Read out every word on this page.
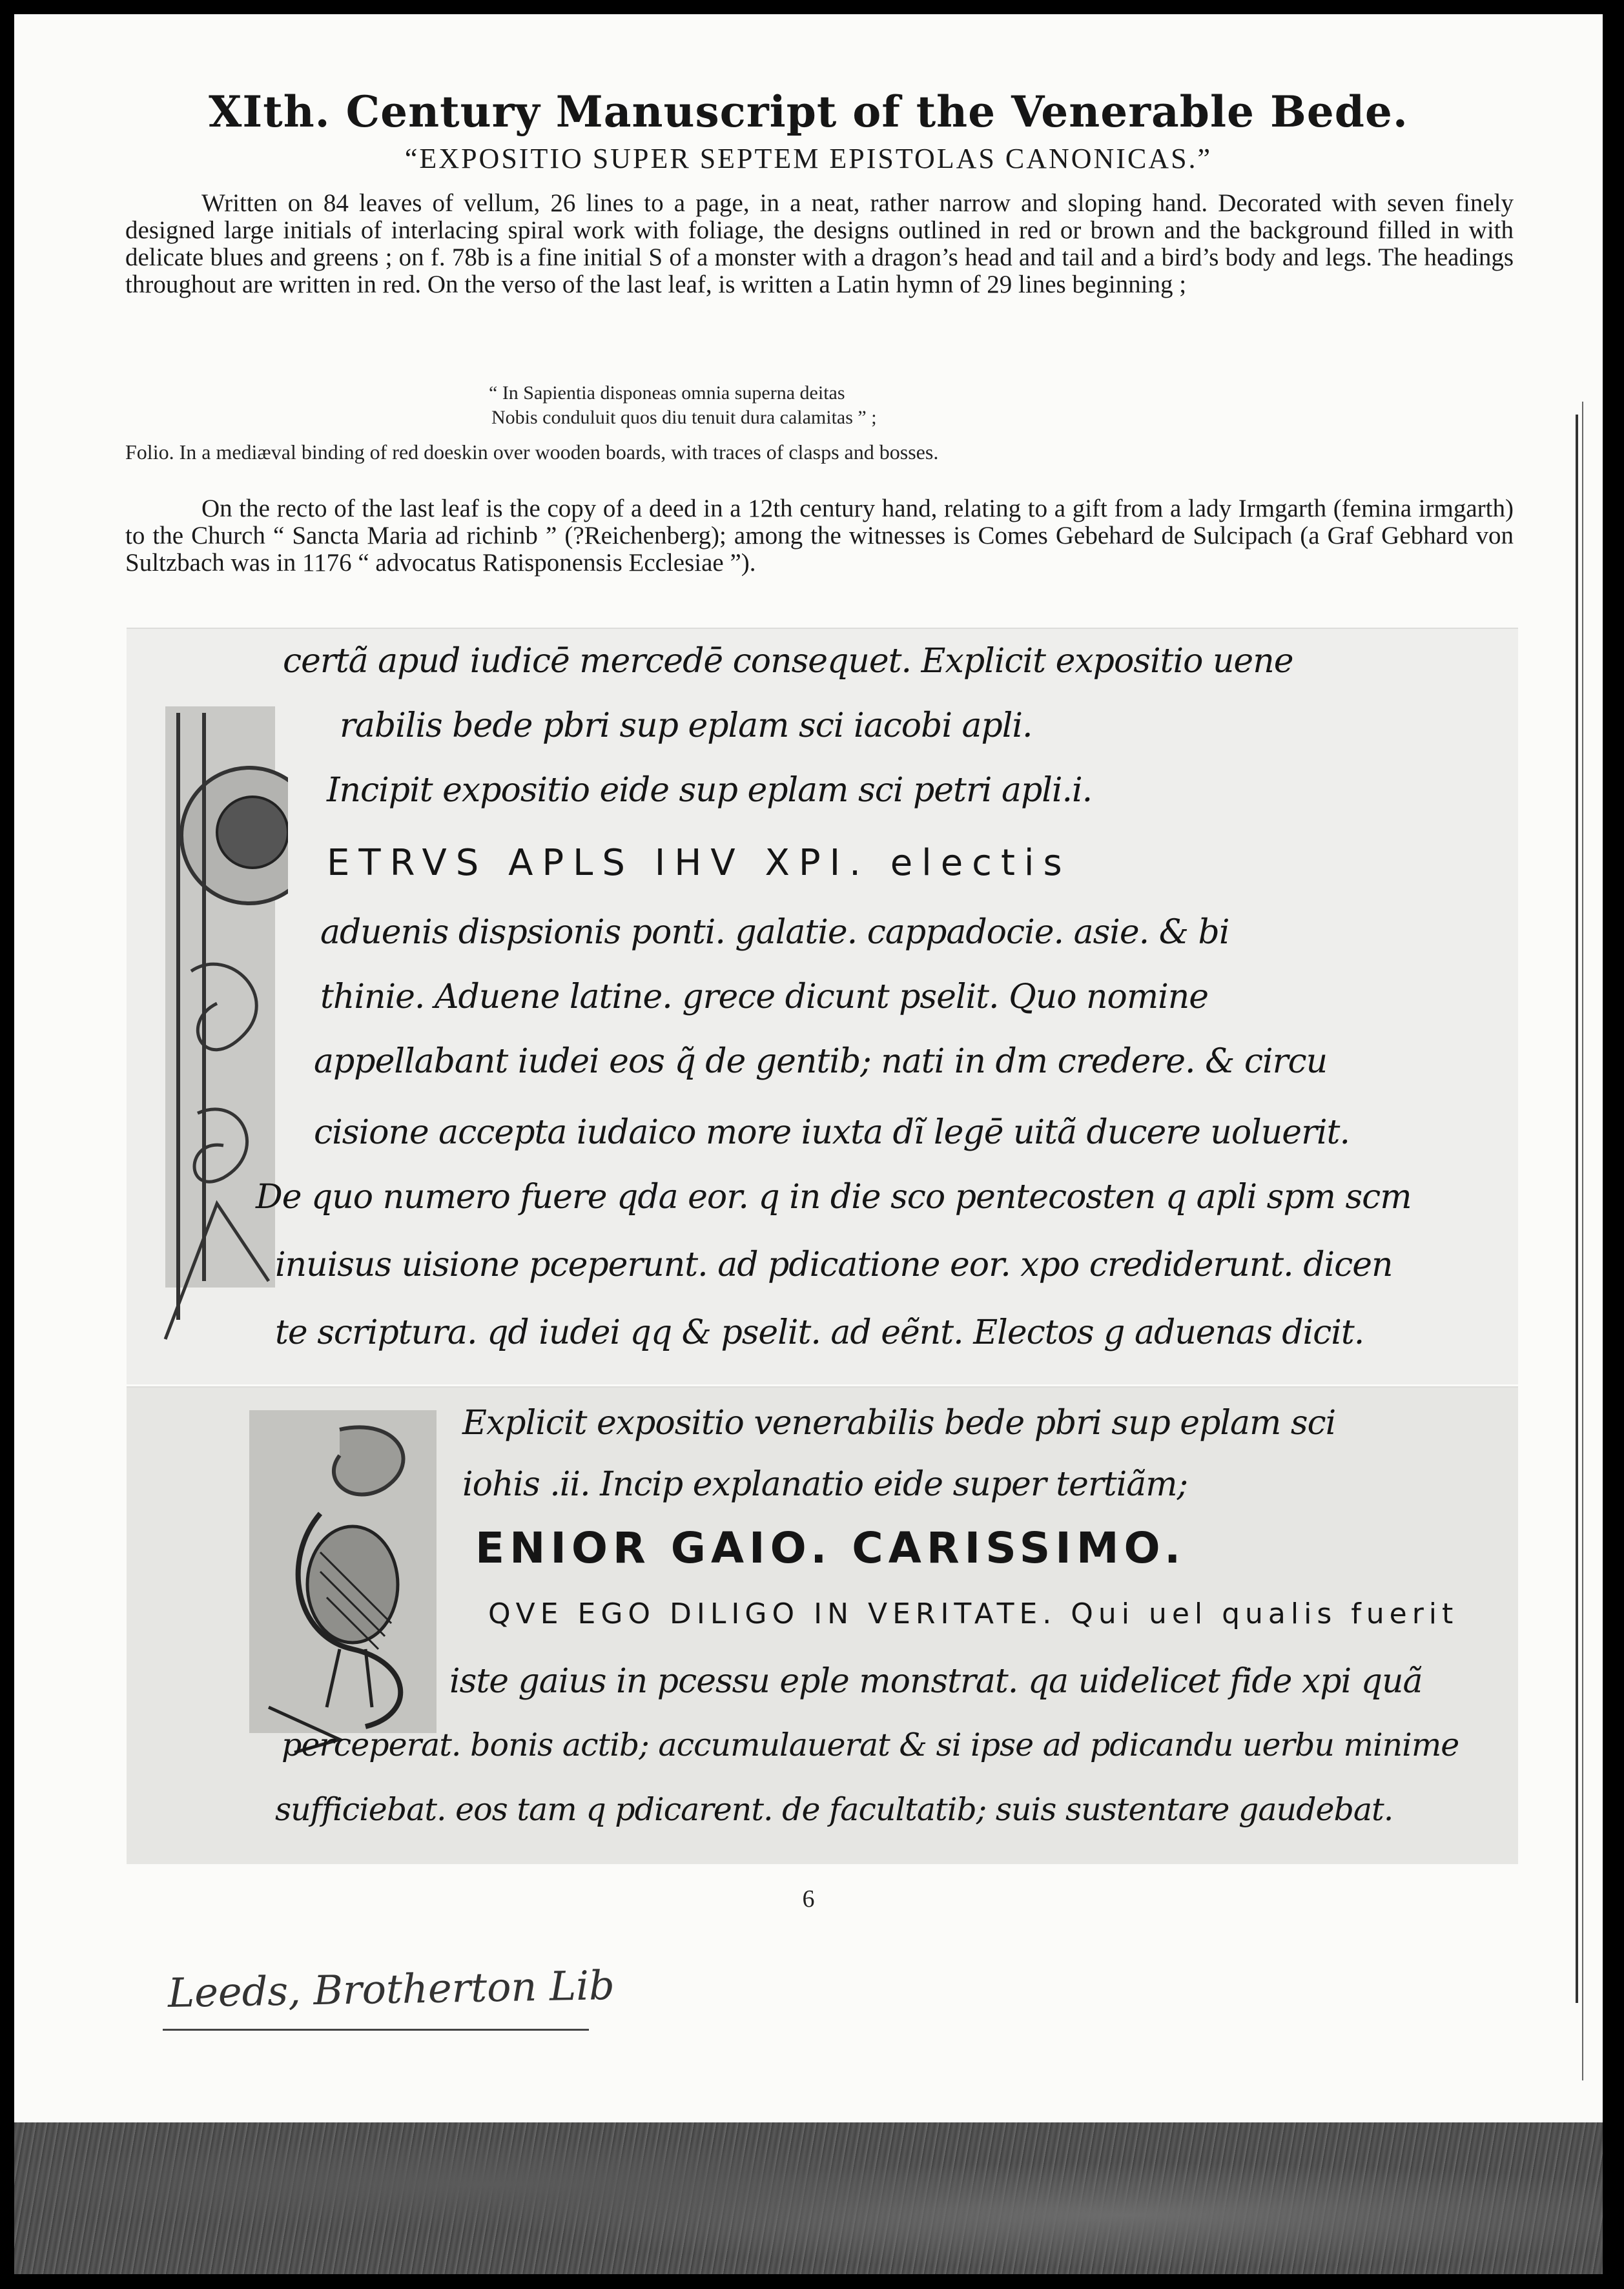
XIth. Century Manuscript of the Venerable Bede.
“EXPOSITIO SUPER SEPTEM EPISTOLAS CANONICAS.”
Written on 84 leaves of vellum, 26 lines to a page, in a neat, rather narrow and sloping hand. Decorated with seven finely designed large initials of interlacing spiral work with foliage, the designs outlined in red or brown and the background filled in with delicate blues and greens ; on f. 78b is a fine initial S of a monster with a dragon’s head and tail and a bird’s body and legs. The headings throughout are written in red. On the verso of the last leaf, is written a Latin hymn of 29 lines beginning ;
“ In Sapientia disponeas omnia superna deitas
Nobis conduluit quos diu tenuit dura calamitas ” ;
Folio. In a mediæval binding of red doeskin over wooden boards, with traces of clasps and bosses.
On the recto of the last leaf is the copy of a deed in a 12th century hand, relating to a gift from a lady Irmgarth (femina irmgarth) to the Church “ Sancta Maria ad richinb ” (?Reichenberg); among the witnesses is Comes Gebehard de Sulcipach (a Graf Gebhard von Sultzbach was in 1176 “ advocatus Ratisponensis Ecclesiae ”).
certã apud iudicē mercedē consequet. Explicit expositio uene
rabilis bede pbri sup eplam sci iacobi apli.
Incipit expositio eide sup eplam sci petri apli.i.
ETRVS APLS IHV XPI. electis
aduenis dispsionis ponti. galatie. cappadocie. asie. & bi
thinie. Aduene latine. grece dicunt pselit. Quo nomine
appellabant iudei eos q̃ de gentib; nati in dm credere. & circu
cisione accepta iudaico more iuxta dĩ legē uitã ducere uoluerit.
De quo numero fuere qda eor. q in die sco pentecosten q apli spm scm
inuisus uisione pceperunt. ad pdicatione eor. xpo crediderunt. dicen
te scriptura. qd iudei qq & pselit. ad eẽnt. Electos g aduenas dicit.
Explicit expositio venerabilis bede pbri sup eplam sci
iohis .ii. Incip explanatio eide super tertiãm;
ENIOR GAIO. CARISSIMO.
QVE EGO DILIGO IN VERITATE. Qui uel qualis fuerit
iste gaius in pcessu eple monstrat. qa uidelicet fide xpi quã
perceperat. bonis actib; accumulauerat & si ipse ad pdicandu uerbu minime
sufficiebat. eos tam q pdicarent. de facultatib; suis sustentare gaudebat.
6
Leeds, Brotherton Lib
